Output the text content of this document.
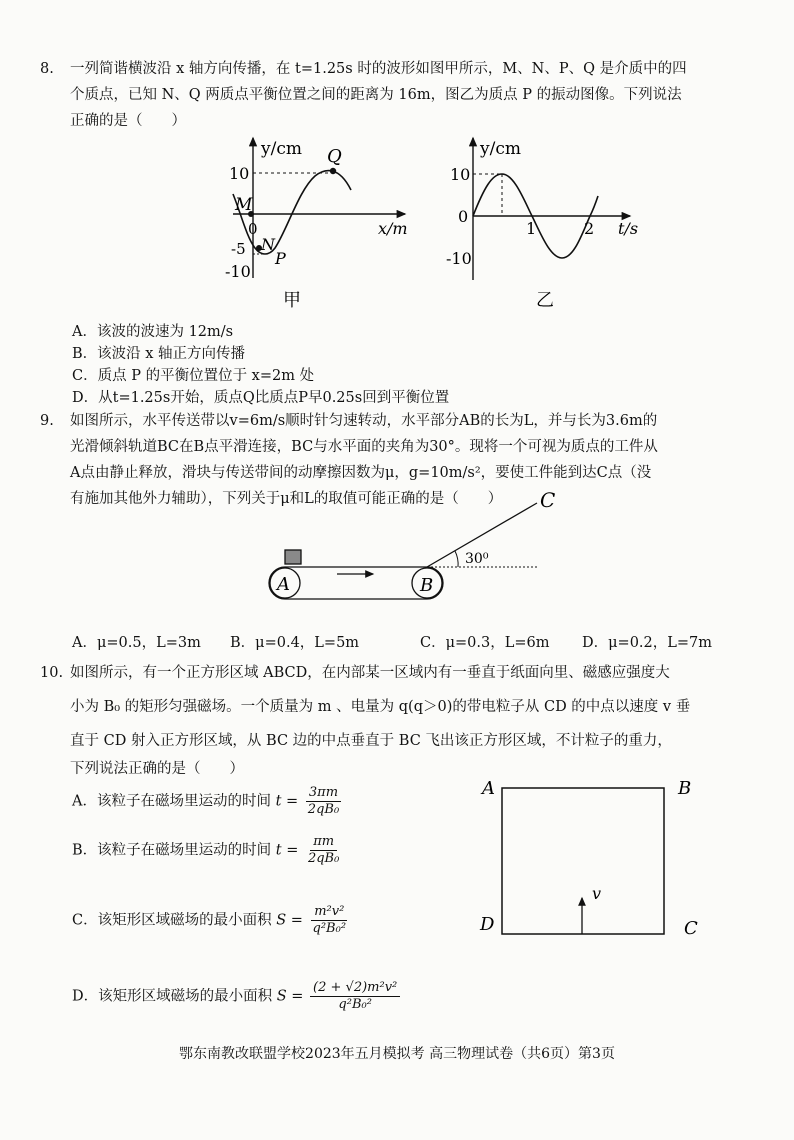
8. 一列简谐横波沿 x 轴方向传播，在 t=1.25s 时的波形如图甲所示，M、N、P、Q 是介质中的四
个质点，已知 N、Q 两质点平衡位置之间的距离为 16m，图乙为质点 P 的振动图像。下列说法
正确的是（　　）
y/cm
x/m
10
-5
-10
0
M
N
P
Q
甲
y/cm
t/s
10
0
-10
1	2
乙
A．该波的波速为 12m/s
B．该波沿 x 轴正方向传播
C．质点 P 的平衡位置位于 x=2m 处
D．从t=1.25s开始，质点Q比质点P早0.25s回到平衡位置
9. 如图所示，水平传送带以v=6m/s顺时针匀速转动，水平部分AB的长为L，并与长为3.6m的
光滑倾斜轨道BC在B点平滑连接，BC与水平面的夹角为30°。现将一个可视为质点的工件从
A点由静止释放，滑块与传送带间的动摩擦因数为μ，g=10m/s²，要使工件能到达C点（没
有施加其他外力辅助），下列关于μ和L的取值可能正确的是（　　）
30⁰
A	B
C
A．μ=0.5，L=3m B．μ=0.4，L=5m	C．μ=0.3，L=6m D．μ=0.2，L=7m
10. 如图所示，有一个正方形区域 ABCD，在内部某一区域内有一垂直于纸面向里、磁感应强度大
小为 B₀ 的矩形匀强磁场。一个质量为 m 、电量为 q(q＞0)的带电粒子从 CD 的中点以速度 v 垂
直于 CD 射入正方形区域，从 BC 边的中点垂直于 BC 飞出该正方形区域，不计粒子的重力，
下列说法正确的是（　　）
v
A	B
D	C
A．该粒子在磁场里运动的时间 $t = \frac{3\pi m}{\text{2qB₀}}$
B．该粒子在磁场里运动的时间 $t = \frac{\pi m}{\text{2qB₀}}$
C．该矩形区域磁场的最小面积 $S = \frac{\text{m²v²}}{\text{q²B₀²}}$
D．该矩形区域磁场的最小面积 $S = \frac{\text{(2 + √2)m²v²}}{\text{q²B₀²}}$
鄂东南教改联盟学校2023年五月模拟考 高三物理试卷（共6页）第3页
